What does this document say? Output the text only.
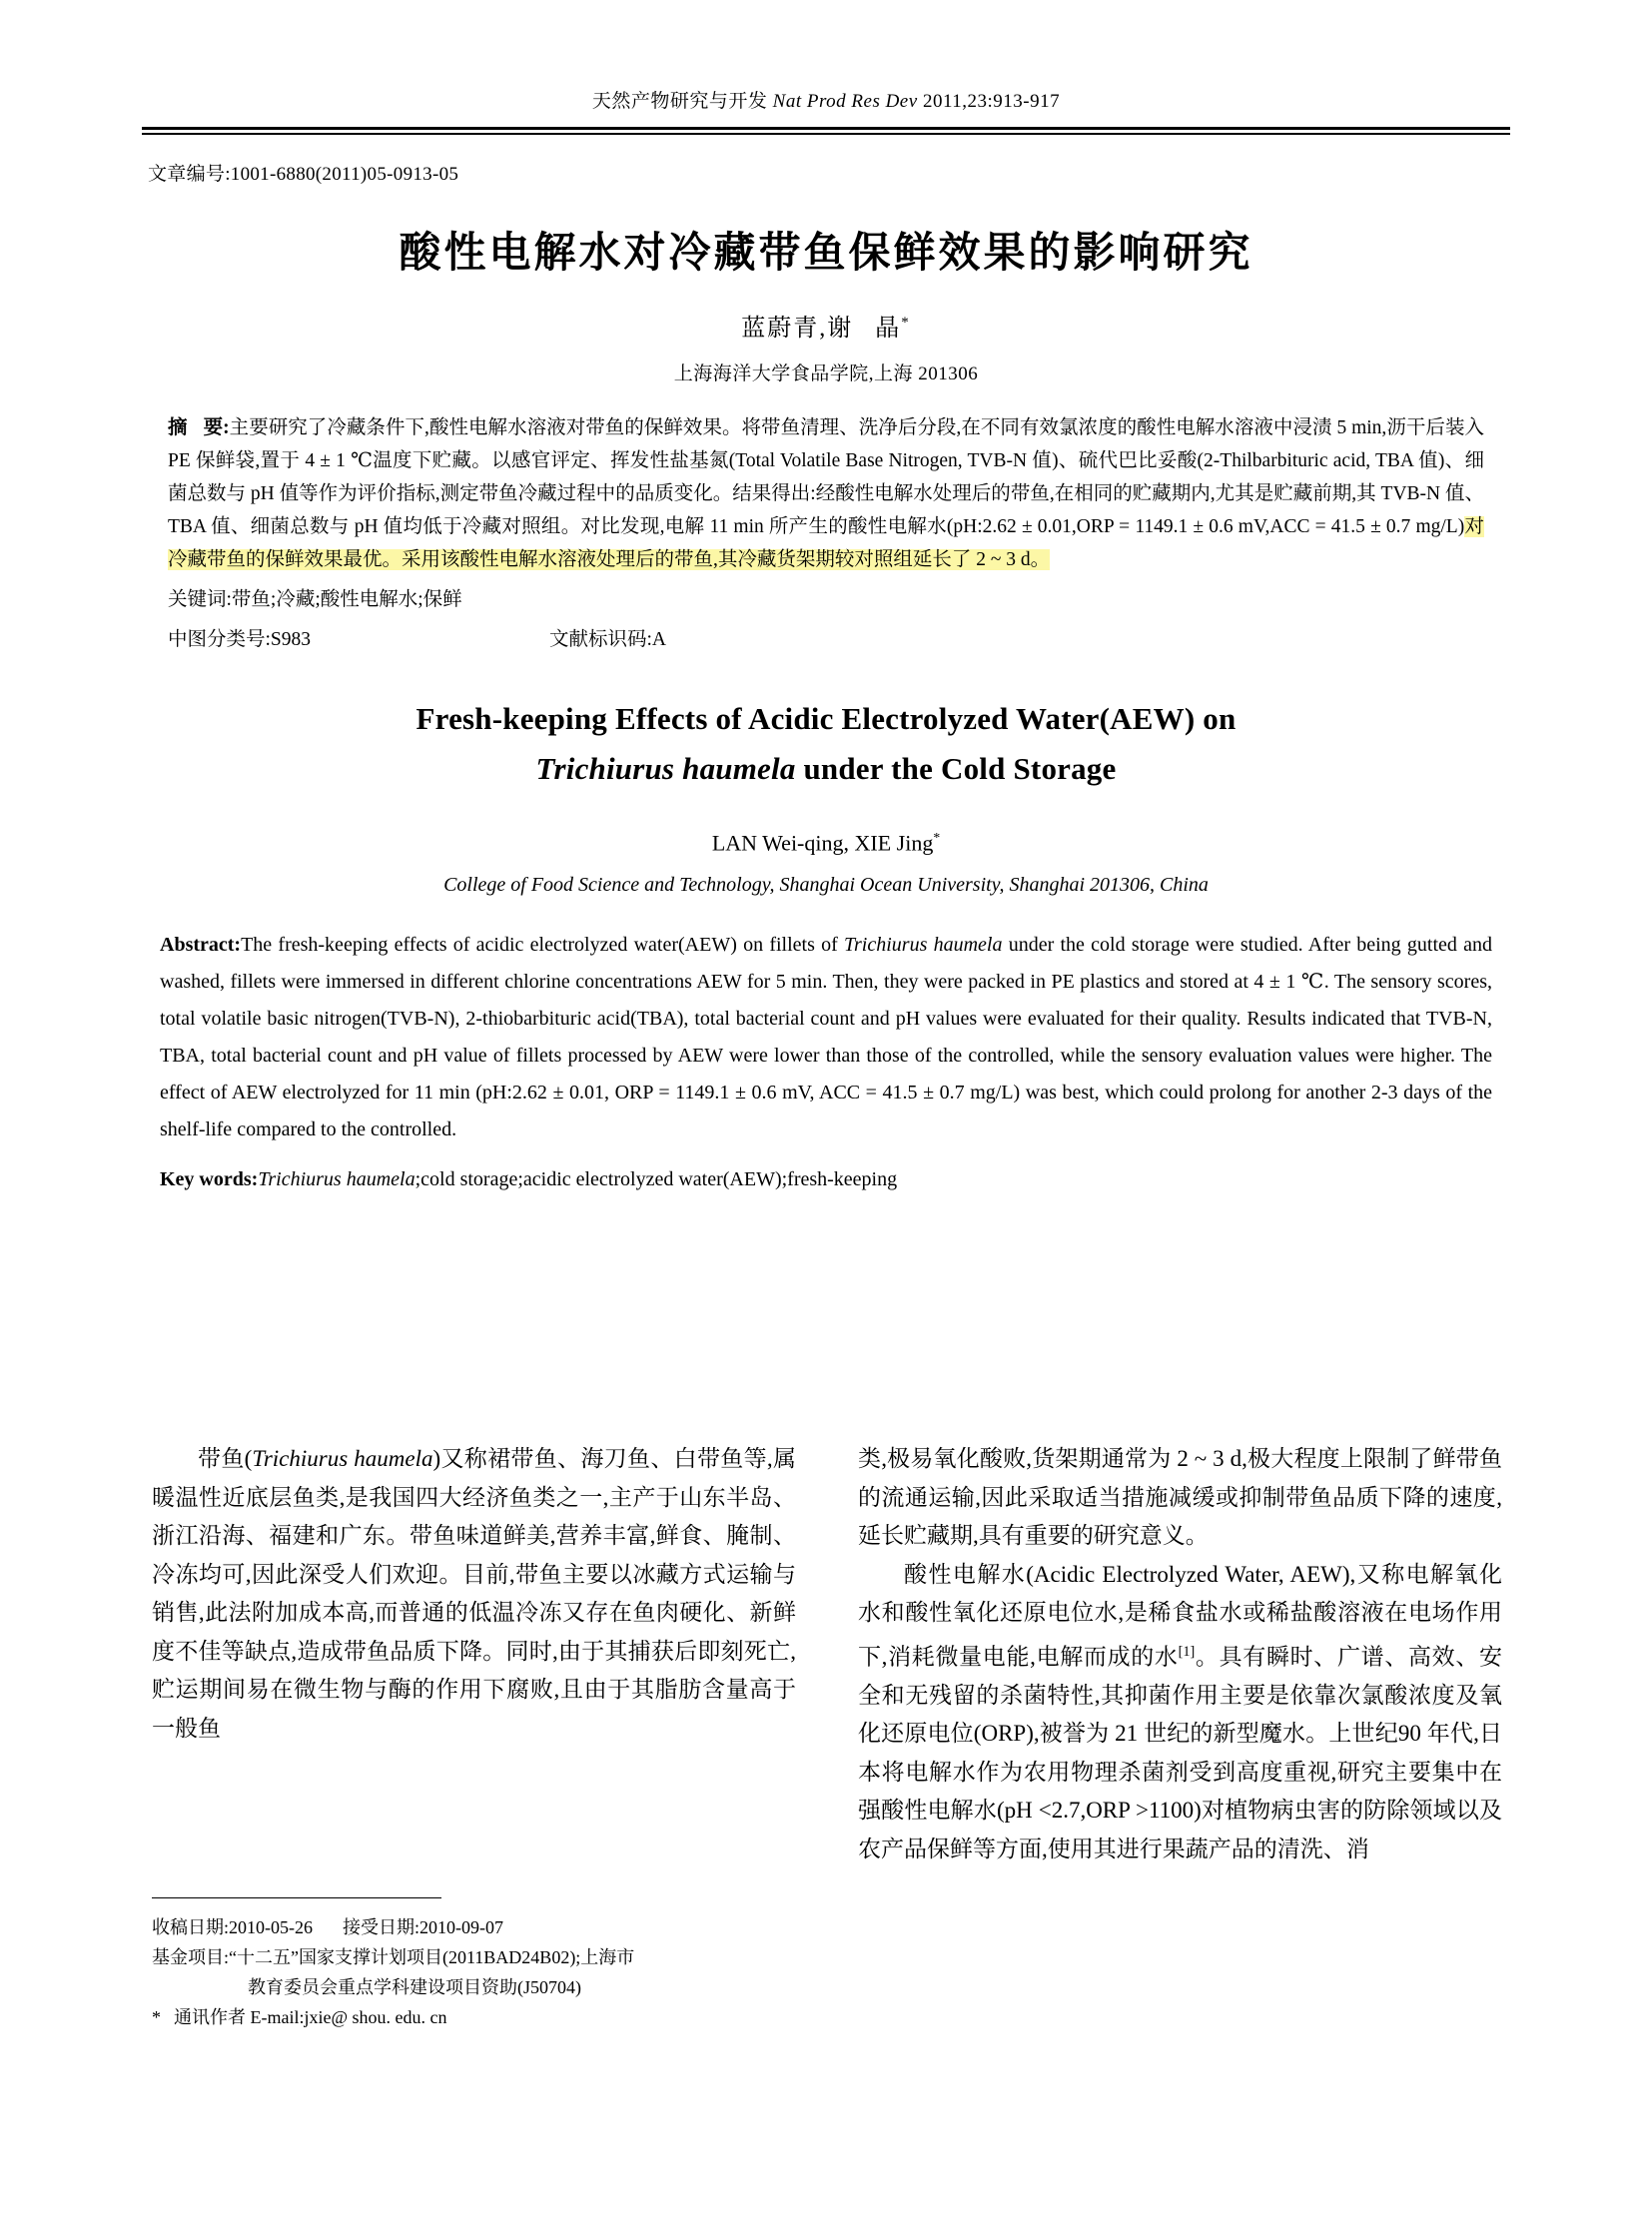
天然产物研究与开发 Nat Prod Res Dev 2011,23:913-917
文章编号:1001-6880(2011)05-0913-05
酸性电解水对冷藏带鱼保鲜效果的影响研究
蓝蔚青,谢 晶*
上海海洋大学食品学院,上海 201306
摘 要:主要研究了冷藏条件下,酸性电解水溶液对带鱼的保鲜效果。将带鱼清理、洗净后分段,在不同有效氯浓度的酸性电解水溶液中浸渍 5 min,沥干后装入 PE 保鲜袋,置于 4 ± 1 ℃温度下贮藏。以感官评定、挥发性盐基氮(Total Volatile Base Nitrogen, TVB-N 值)、硫代巴比妥酸(2-Thilbarbituric acid, TBA 值)、细菌总数与 pH 值等作为评价指标,测定带鱼冷藏过程中的品质变化。结果得出:经酸性电解水处理后的带鱼,在相同的贮藏期内,尤其是贮藏前期,其 TVB-N 值、TBA 值、细菌总数与 pH 值均低于冷藏对照组。对比发现,电解 11 min 所产生的酸性电解水(pH:2.62 ± 0.01,ORP = 1149.1 ± 0.6 mV,ACC = 41.5 ± 0.7 mg/L)对冷藏带鱼的保鲜效果最优。采用该酸性电解水溶液处理后的带鱼,其冷藏货架期较对照组延长了 2 ~ 3 d。
关键词:带鱼;冷藏;酸性电解水;保鲜
中图分类号:S983	文献标识码:A
Fresh-keeping Effects of Acidic Electrolyzed Water(AEW) on
Trichiurus haumela under the Cold Storage
LAN Wei-qing, XIE Jing*
College of Food Science and Technology, Shanghai Ocean University, Shanghai 201306, China
Abstract:The fresh-keeping effects of acidic electrolyzed water(AEW) on fillets of Trichiurus haumela under the cold storage were studied. After being gutted and washed, fillets were immersed in different chlorine concentrations AEW for 5 min. Then, they were packed in PE plastics and stored at 4 ± 1 ℃. The sensory scores, total volatile basic nitrogen(TVB-N), 2-thiobarbituric acid(TBA), total bacterial count and pH values were evaluated for their quality. Results indicated that TVB-N, TBA, total bacterial count and pH value of fillets processed by AEW were lower than those of the controlled, while the sensory evaluation values were higher. The effect of AEW electrolyzed for 11 min (pH:2.62 ± 0.01, ORP = 1149.1 ± 0.6 mV, ACC = 41.5 ± 0.7 mg/L) was best, which could prolong for another 2-3 days of the shelf-life compared to the controlled.
Key words:Trichiurus haumela;cold storage;acidic electrolyzed water(AEW);fresh-keeping

带鱼(Trichiurus haumela)又称裙带鱼、海刀鱼、白带鱼等,属暖温性近底层鱼类,是我国四大经济鱼类之一,主产于山东半岛、浙江沿海、福建和广东。带鱼味道鲜美,营养丰富,鲜食、腌制、冷冻均可,因此深受人们欢迎。目前,带鱼主要以冰藏方式运输与销售,此法附加成本高,而普通的低温冷冻又存在鱼肉硬化、新鲜度不佳等缺点,造成带鱼品质下降。同时,由于其捕获后即刻死亡,贮运期间易在微生物与酶的作用下腐败,且由于其脂肪含量高于一般鱼

类,极易氧化酸败,货架期通常为 2 ~ 3 d,极大程度上限制了鲜带鱼的流通运输,因此采取适当措施减缓或抑制带鱼品质下降的速度,延长贮藏期,具有重要的研究意义。

酸性电解水(Acidic Electrolyzed Water, AEW),又称电解氧化水和酸性氧化还原电位水,是稀食盐水或稀盐酸溶液在电场作用下,消耗微量电能,电解而成的水[1]。具有瞬时、广谱、高效、安全和无残留的杀菌特性,其抑菌作用主要是依靠次氯酸浓度及氧化还原电位(ORP),被誉为 21 世纪的新型魔水。上世纪90 年代,日本将电解水作为农用物理杀菌剂受到高度重视,研究主要集中在强酸性电解水(pH <2.7,ORP >1100)对植物病虫害的防除领域以及农产品保鲜等方面,使用其进行果蔬产品的清洗、消

收稿日期:2010-05-26 接受日期:2010-09-07
基金项目:“十二五”国家支撑计划项目(2011BAD24B02);上海市
教育委员会重点学科建设项目资助(J50704)
* 通讯作者 E-mail:jxie@ shou. edu. cn
